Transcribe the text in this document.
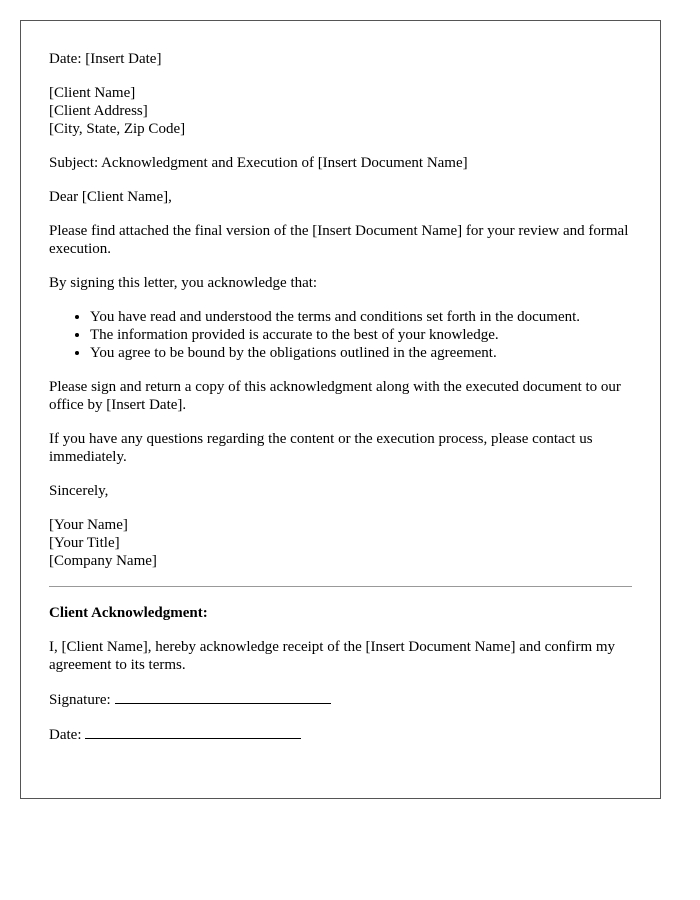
Date: [Insert Date]

[Client Name]
[Client Address]
[City, State, Zip Code]

Subject: Acknowledgment and Execution of [Insert Document Name]

Dear [Client Name],

Please find attached the final version of the [Insert Document Name] for your review and formal execution.

By signing this letter, you acknowledge that:

• You have read and understood the terms and conditions set forth in the document.
• The information provided is accurate to the best of your knowledge.
• You agree to be bound by the obligations outlined in the agreement.

Please sign and return a copy of this acknowledgment along with the executed document to our office by [Insert Date].

If you have any questions regarding the content or the execution process, please contact us immediately.

Sincerely,

[Your Name]
[Your Title]
[Company Name]

Client Acknowledgment:

I, [Client Name], hereby acknowledge receipt of the [Insert Document Name] and confirm my agreement to its terms.

Signature:

Date:
